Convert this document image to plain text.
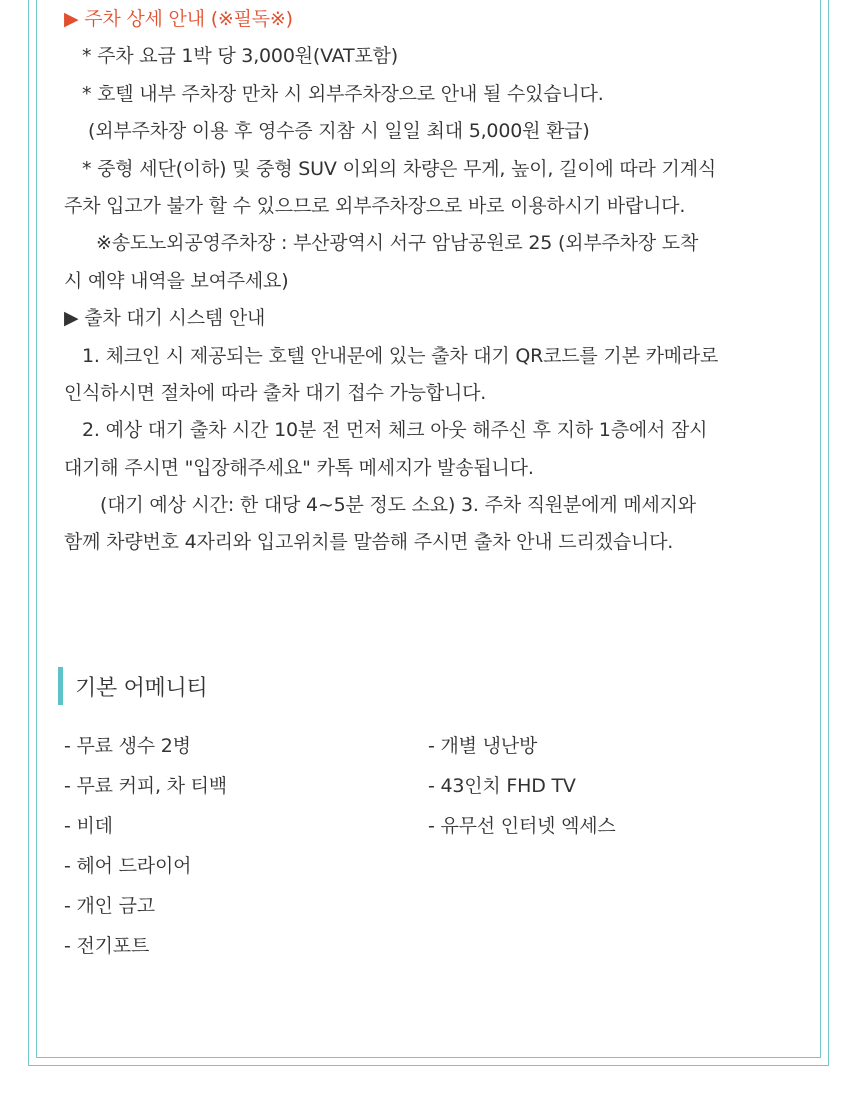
▶ 주차 상세 안내 (※필독※)
* 주차 요금 1박 당 3,000원(VAT포함)
* 호텔 내부 주차장 만차 시 외부주차장으로 안내 될 수있습니다.
(외부주차장 이용 후 영수증 지참 시 일일 최대 5,000원 환급)
* 중형 세단(이하) 및 중형 SUV 이외의 차량은 무게, 높이, 길이에 따라 기계식
주차 입고가 불가 할 수 있으므로 외부주차장으로 바로 이용하시기 바랍니다.
※송도노외공영주차장 : 부산광역시 서구 암남공원로 25 (외부주차장 도착
시 예약 내역을 보여주세요)
▶ 출차 대기 시스템 안내
1. 체크인 시 제공되는 호텔 안내문에 있는 출차 대기 QR코드를 기본 카메라로
인식하시면 절차에 따라 출차 대기 접수 가능합니다.
2. 예상 대기 출차 시간 10분 전 먼저 체크 아웃 해주신 후 지하 1층에서 잠시
대기해 주시면 "입장해주세요" 카톡 메세지가 발송됩니다.
(대기 예상 시간: 한 대당 4~5분 정도 소요) 3. 주차 직원분에게 메세지와
함께 차량번호 4자리와 입고위치를 말씀해 주시면 출차 안내 드리겠습니다.
기본 어메니티
- 무료 생수 2병
- 무료 커피, 차 티백
- 비데
- 헤어 드라이어
- 개인 금고
- 전기포트
- 개별 냉난방
- 43인치 FHD TV
- 유무선 인터넷 엑세스
